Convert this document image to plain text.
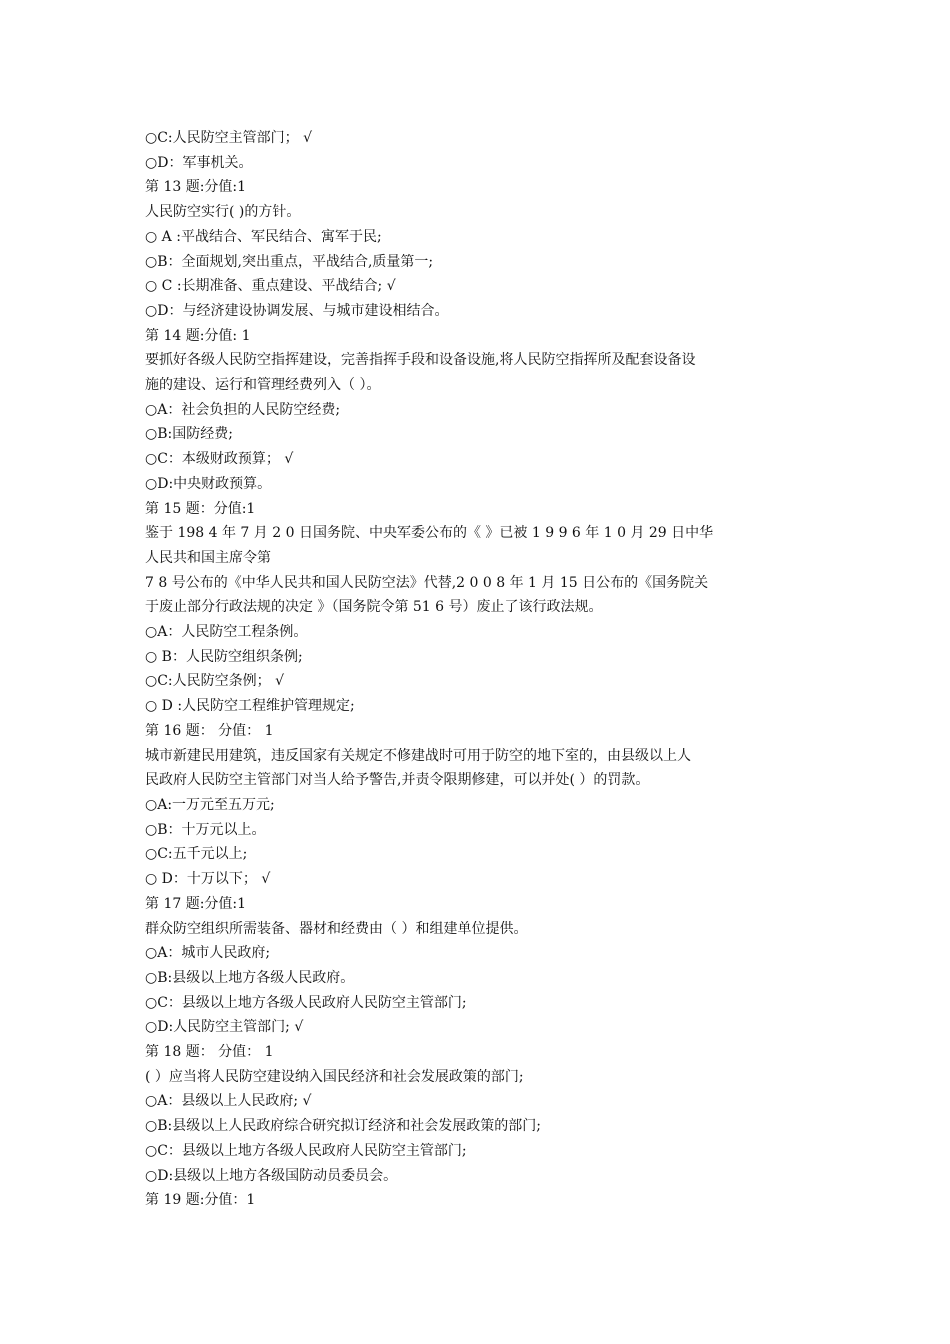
○C:人民防空主管部门； √
○D：军事机关。
第 13 题:分值:1
人民防空实行( )的方针。
○ A :平战结合、军民结合、寓军于民;
○B：全面规划,突出重点，平战结合,质量第一;
○ C :长期准备、重点建设、平战结合; √
○D：与经济建设协调发展、与城市建设相结合。
第 14 题:分值: 1
要抓好各级人民防空指挥建设，完善指挥手段和设备设施,将人民防空指挥所及配套设备设
施的建设、运行和管理经费列入（ ）。
○A：社会负担的人民防空经费;
○B:国防经费;
○C：本级财政预算； √
○D:中央财政预算。
第 15 题：分值:1
鉴于 198 4 年 7 月 2 0 日国务院、中央军委公布的《 》已被 1 9 9 6 年 1 0 月 29 日中华
人民共和国主席令第
7 8 号公布的《中华人民共和国人民防空法》代替,2 0 0 8 年 1 月 15 日公布的《国务院关
于废止部分行政法规的决定 》（国务院令第 51 6 号）废止了该行政法规。
○A：人民防空工程条例。
○ B：人民防空组织条例;
○C:人民防空条例； √
○ D :人民防空工程维护管理规定;
第 16 题： 分值： 1
城市新建民用建筑，违反国家有关规定不修建战时可用于防空的地下室的，由县级以上人
民政府人民防空主管部门对当人给予警告,并责令限期修建，可以并处( ）的罚款。
○A:一万元至五万元;
○B：十万元以上。
○C:五千元以上;
○ D：十万以下； √
第 17 题:分值:1
群众防空组织所需装备、器材和经费由（ ）和组建单位提供。
○A：城市人民政府;
○B:县级以上地方各级人民政府。
○C：县级以上地方各级人民政府人民防空主管部门;
○D:人民防空主管部门; √
第 18 题： 分值： 1
( ）应当将人民防空建设纳入国民经济和社会发展政策的部门;
○A：县级以上人民政府; √
○B:县级以上人民政府综合研究拟订经济和社会发展政策的部门;
○C：县级以上地方各级人民政府人民防空主管部门;
○D:县级以上地方各级国防动员委员会。
第 19 题:分值：1
